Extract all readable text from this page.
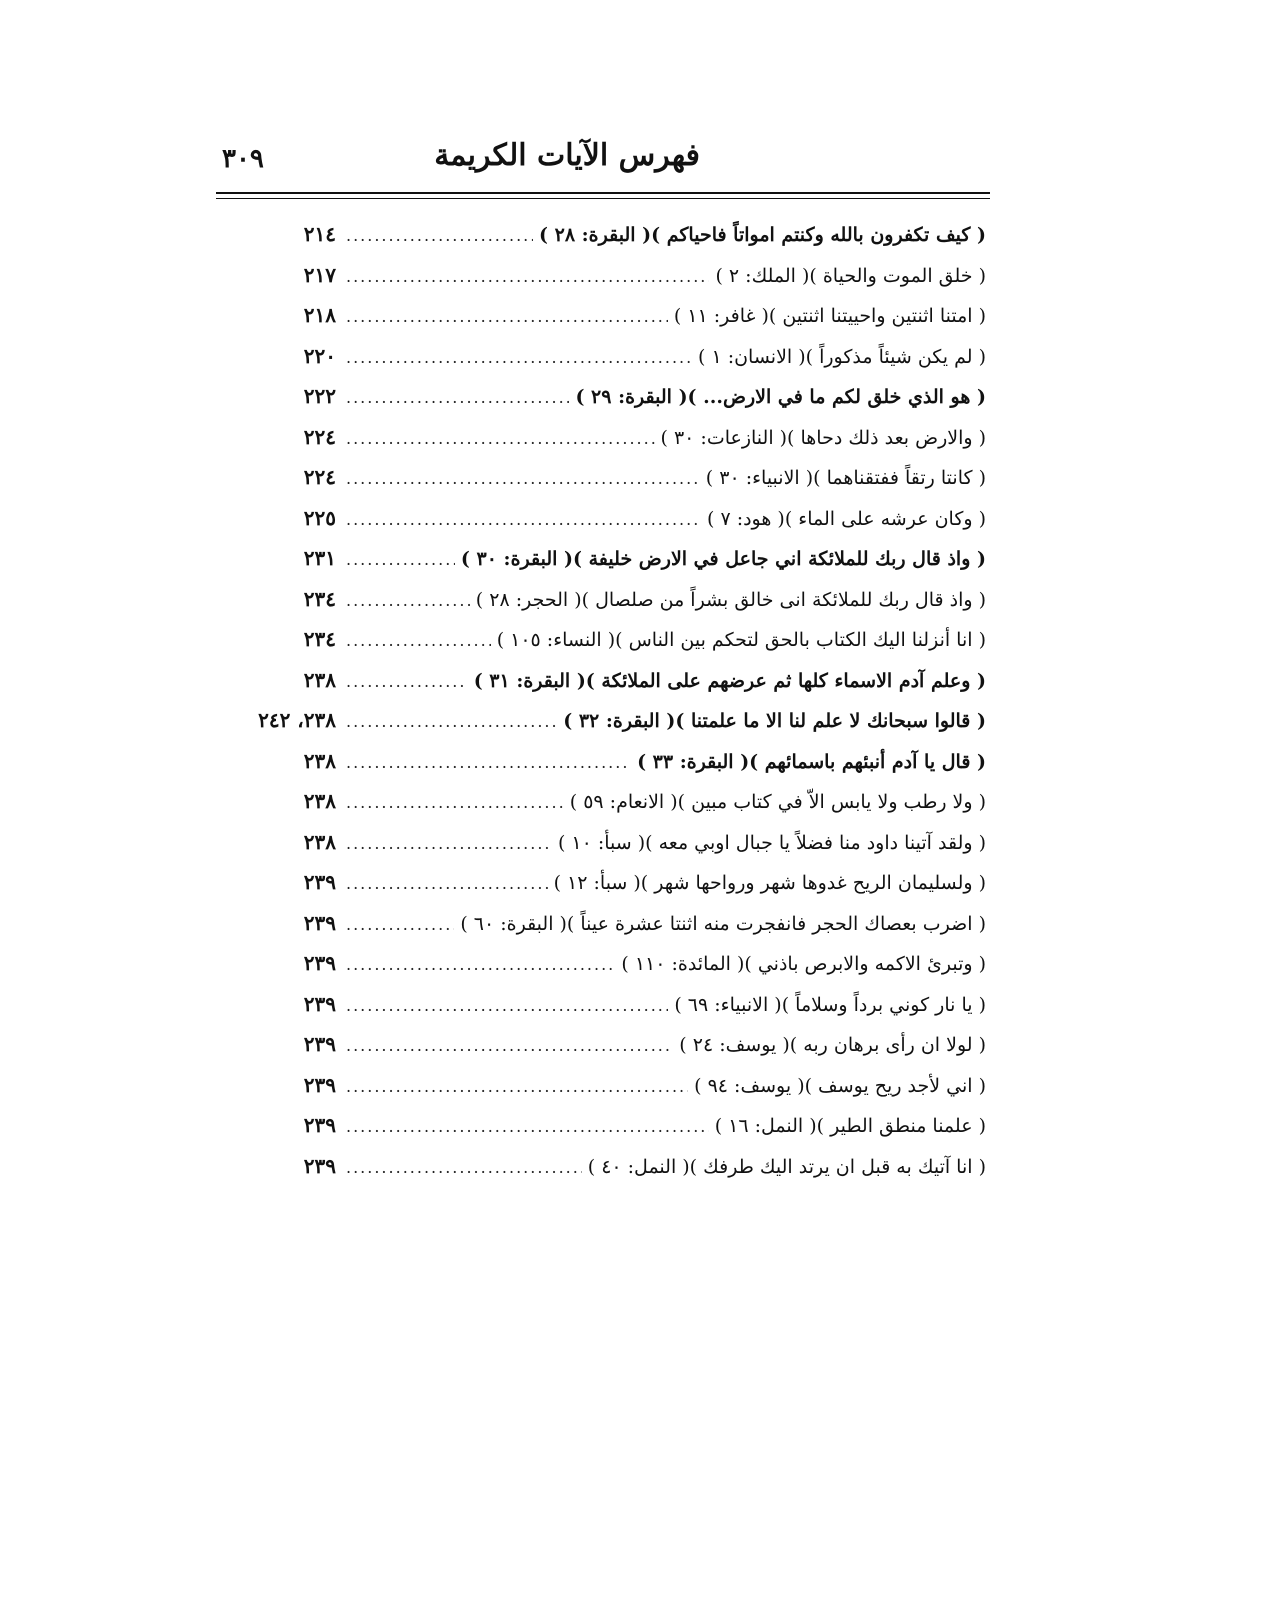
فهرس الآيات الكريمة
٣٠٩
( كيف تكفرون بالله وكنتم امواتاً فاحياكم )( البقرة: ٢٨ )
.....
٢١٤
( خلق الموت والحياة )( الملك: ٢ )
.....
٢١٧
( امتنا اثنتين واحييتنا اثنتين )( غافر: ١١ )
.....
٢١٨
( لم يكن شيئاً مذكوراً )( الانسان: ١ )
.....
٢٢٠
( هو الذي خلق لكم ما في الارض... )( البقرة: ٢٩ )
.....
٢٢٢
( والارض بعد ذلك دحاها )( النازعات: ٣٠ )
.....
٢٢٤
( كانتا رتقاً ففتقناهما )( الانبياء: ٣٠ )
.....
٢٢٤
( وكان عرشه على الماء )( هود: ٧ )
.....
٢٢٥
( واذ قال ربك للملائكة اني جاعل في الارض خليفة )( البقرة: ٣٠ )
.....
٢٣١
( واذ قال ربك للملائكة انى خالق بشراً من صلصال )( الحجر: ٢٨ )
.....
٢٣٤
( انا أنزلنا اليك الكتاب بالحق لتحكم بين الناس )( النساء: ١٠٥ )
.....
٢٣٤
( وعلم آدم الاسماء كلها ثم عرضهم على الملائكة )( البقرة: ٣١ )
.....
٢٣٨
( قالوا سبحانك لا علم لنا الا ما علمتنا )( البقرة: ٣٢ )
.....
٢٣٨، ٢٤٢
( قال يا آدم أنبئهم باسمائهم )( البقرة: ٣٣ )
.....
٢٣٨
( ولا رطب ولا يابس الاّ في كتاب مبين )( الانعام: ٥٩ )
.....
٢٣٨
( ولقد آتينا داود منا فضلاً يا جبال اوبي معه )( سبأ: ١٠ )
.....
٢٣٨
( ولسليمان الريح غدوها شهر ورواحها شهر )( سبأ: ١٢ )
.....
٢٣٩
( اضرب بعصاك الحجر فانفجرت منه اثنتا عشرة عيناً )( البقرة: ٦٠ )
.....
٢٣٩
( وتبرئ الاكمه والابرص باذني )( المائدة: ١١٠ )
.....
٢٣٩
( يا نار كوني برداً وسلاماً )( الانبياء: ٦٩ )
.....
٢٣٩
( لولا ان رأى برهان ربه )( يوسف: ٢٤ )
.....
٢٣٩
( اني لأجد ريح يوسف )( يوسف: ٩٤ )
.....
٢٣٩
( علمنا منطق الطير )( النمل: ١٦ )
.....
٢٣٩
( انا آتيك به قبل ان يرتد اليك طرفك )( النمل: ٤٠ )
.....
٢٣٩
